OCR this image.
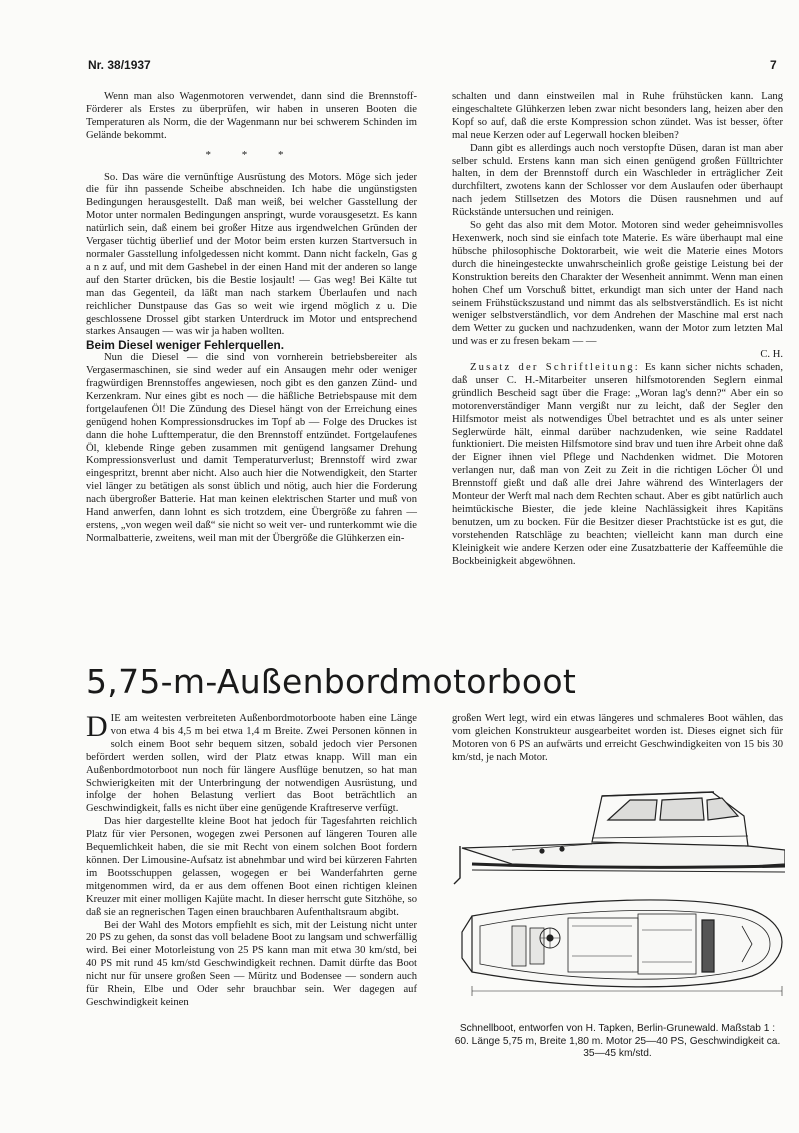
Nr. 38/1937	7

Wenn man also Wagenmotoren verwendet, dann sind die Brennstoff-Förderer als Erstes zu überprüfen, wir haben in unseren Booten die Temperaturen als Norm, die der Wagenmann nur bei schwerem Schinden im Gelände bekommt.

* * *

So. Das wäre die vernünftige Ausrüstung des Motors. Möge sich jeder die für ihn passende Scheibe abschneiden. Ich habe die ungünstigsten Bedingungen herausgestellt. Daß man weiß, bei welcher Gasstellung der Motor unter normalen Bedingungen anspringt, wurde vorausgesetzt. Es kann natürlich sein, daß einem bei großer Hitze aus irgendwelchen Gründen der Vergaser tüchtig überlief und der Motor beim ersten kurzen Startversuch in normaler Gasstellung infolgedessen nicht kommt. Dann nicht fackeln, Gas g a n z auf, und mit dem Gashebel in der einen Hand mit der anderen so lange auf den Starter drücken, bis die Bestie losjault! — Gas weg! Bei Kälte tut man das Gegenteil, da läßt man nach starkem Überlaufen und nach reichlicher Dunstpause das Gas so weit wie irgend möglich z u. Die geschlossene Drossel gibt starken Unterdruck im Motor und entsprechend starkes Ansaugen — was wir ja haben wollten.

Beim Diesel weniger Fehlerquellen.

Nun die Diesel — die sind von vornherein betriebsbereiter als Vergasermaschinen, sie sind weder auf ein Ansaugen mehr oder weniger fragwürdigen Brennstoffes angewiesen, noch gibt es den ganzen Zünd- und Kerzenkram. Nur eines gibt es noch — die häßliche Betriebspause mit dem fortgelaufenen Öl! Die Zündung des Diesel hängt von der Erreichung eines genügend hohen Kompressionsdruckes im Topf ab — Folge des Druckes ist dann die hohe Lufttemperatur, die den Brennstoff entzündet. Fortgelaufenes Öl, klebende Ringe geben zusammen mit genügend langsamer Drehung Kompressionsverlust und damit Temperaturverlust; Brennstoff wird zwar eingespritzt, brennt aber nicht. Also auch hier die Notwendigkeit, den Starter viel länger zu betätigen als sonst üblich und nötig, auch hier die Forderung nach übergroßer Batterie. Hat man keinen elektrischen Starter und muß von Hand anwerfen, dann lohnt es sich trotzdem, eine Übergröße zu fahren — erstens, „von wegen weil daß“ sie nicht so weit ver- und runterkommt wie die Normalbatterie, zweitens, weil man mit der Übergröße die Glühkerzen ein-

schalten und dann einstweilen mal in Ruhe frühstücken kann. Lang eingeschaltete Glühkerzen leben zwar nicht besonders lang, heizen aber den Kopf so auf, daß die erste Kompression schon zündet. Was ist besser, öfter mal neue Kerzen oder auf Legerwall hocken bleiben?

Dann gibt es allerdings auch noch verstopfte Düsen, daran ist man aber selber schuld. Erstens kann man sich einen genügend großen Fülltrichter halten, in dem der Brennstoff durch ein Waschleder in erträglicher Zeit durchfiltert, zwotens kann der Schlosser vor dem Auslaufen oder überhaupt nach jedem Stillsetzen des Motors die Düsen rausnehmen und auf Rückstände untersuchen und reinigen.

So geht das also mit dem Motor. Motoren sind weder geheimnisvolles Hexenwerk, noch sind sie einfach tote Materie. Es wäre überhaupt mal eine hübsche philosophische Doktorarbeit, wie weit die Materie eines Motors durch die hineingesteckte unwahrscheinlich große geistige Leistung bei der Konstruktion bereits den Charakter der Wesenheit annimmt. Wenn man einen hohen Chef um Vorschuß bittet, erkundigt man sich unter der Hand nach seinem Frühstückszustand und nimmt das als selbstverständlich. Es ist nicht weniger selbstverständlich, vor dem Andrehen der Maschine mal erst nach dem Wetter zu gucken und nachzudenken, wann der Motor zum letzten Mal und was er zu fresen bekam — —

C. H.

Zusatz der Schriftleitung: Es kann sicher nichts schaden, daß unser C. H.-Mitarbeiter unseren hilfsmotorenden Seglern einmal gründlich Bescheid sagt über die Frage: „Woran lag's denn?“ Aber ein so motorenverständiger Mann vergißt nur zu leicht, daß der Segler den Hilfsmotor meist als notwendiges Übel betrachtet und es als unter seiner Seglerwürde hält, einmal darüber nachzudenken, wie seine Raddatel funktioniert. Die meisten Hilfsmotore sind brav und tuen ihre Arbeit ohne daß der Eigner ihnen viel Pflege und Nachdenken widmet. Die Motoren verlangen nur, daß man von Zeit zu Zeit in die richtigen Löcher Öl und Brennstoff gießt und daß alle drei Jahre während des Winterlagers der Monteur der Werft mal nach dem Rechten schaut. Aber es gibt natürlich auch heimtückische Biester, die jede kleine Nachlässigkeit ihres Kapitäns benutzen, um zu bocken. Für die Besitzer dieser Prachtstücke ist es gut, die vorstehenden Ratschläge zu beachten; vielleicht kann man durch eine Kleinigkeit wie andere Kerzen oder eine Zusatzbatterie der Kaffeemühle die Bockbeinigkeit abgewöhnen.

5,75-m-Außenbordmotorboot

DIE am weitesten verbreiteten Außenbordmotorboote haben eine Länge von etwa 4 bis 4,5 m bei etwa 1,4 m Breite. Zwei Personen können in solch einem Boot sehr bequem sitzen, sobald jedoch vier Personen befördert werden sollen, wird der Platz etwas knapp. Will man ein Außenbordmotorboot nun noch für längere Ausflüge benutzen, so hat man Schwierigkeiten mit der Unterbringung der notwendigen Ausrüstung, und infolge der hohen Belastung verliert das Boot beträchtlich an Geschwindigkeit, falls es nicht über eine genügende Kraftreserve verfügt.

Das hier dargestellte kleine Boot hat jedoch für Tagesfahrten reichlich Platz für vier Personen, wogegen zwei Personen auf längeren Touren alle Bequemlichkeit haben, die sie mit Recht von einem solchen Boot fordern können. Der Limousine-Aufsatz ist abnehmbar und wird bei kürzeren Fahrten im Bootsschuppen gelassen, wogegen er bei Wanderfahrten gerne mitgenommen wird, da er aus dem offenen Boot einen richtigen kleinen Kreuzer mit einer molligen Kajüte macht. In dieser herrscht gute Sitzhöhe, so daß sie an regnerischen Tagen einen brauchbaren Aufenthaltsraum abgibt.

Bei der Wahl des Motors empfiehlt es sich, mit der Leistung nicht unter 20 PS zu gehen, da sonst das voll beladene Boot zu langsam und schwerfällig wird. Bei einer Motorleistung von 25 PS kann man mit etwa 30 km/std, bei 40 PS mit rund 45 km/std Geschwindigkeit rechnen. Damit dürfte das Boot nicht nur für unsere großen Seen — Müritz und Bodensee — sondern auch für Rhein, Elbe und Oder sehr brauchbar sein. Wer dagegen auf Geschwindigkeit keinen

großen Wert legt, wird ein etwas längeres und schmaleres Boot wählen, das vom gleichen Konstrukteur ausgearbeitet worden ist. Dieses eignet sich für Motoren von 6 PS an aufwärts und erreicht Geschwindigkeiten von 15 bis 30 km/std, je nach Motor.

Schnellboot, entworfen von H. Tapken, Berlin-Grunewald. Maßstab 1 : 60. Länge 5,75 m, Breite 1,80 m. Motor 25—40 PS, Geschwindigkeit ca. 35—45 km/std.
